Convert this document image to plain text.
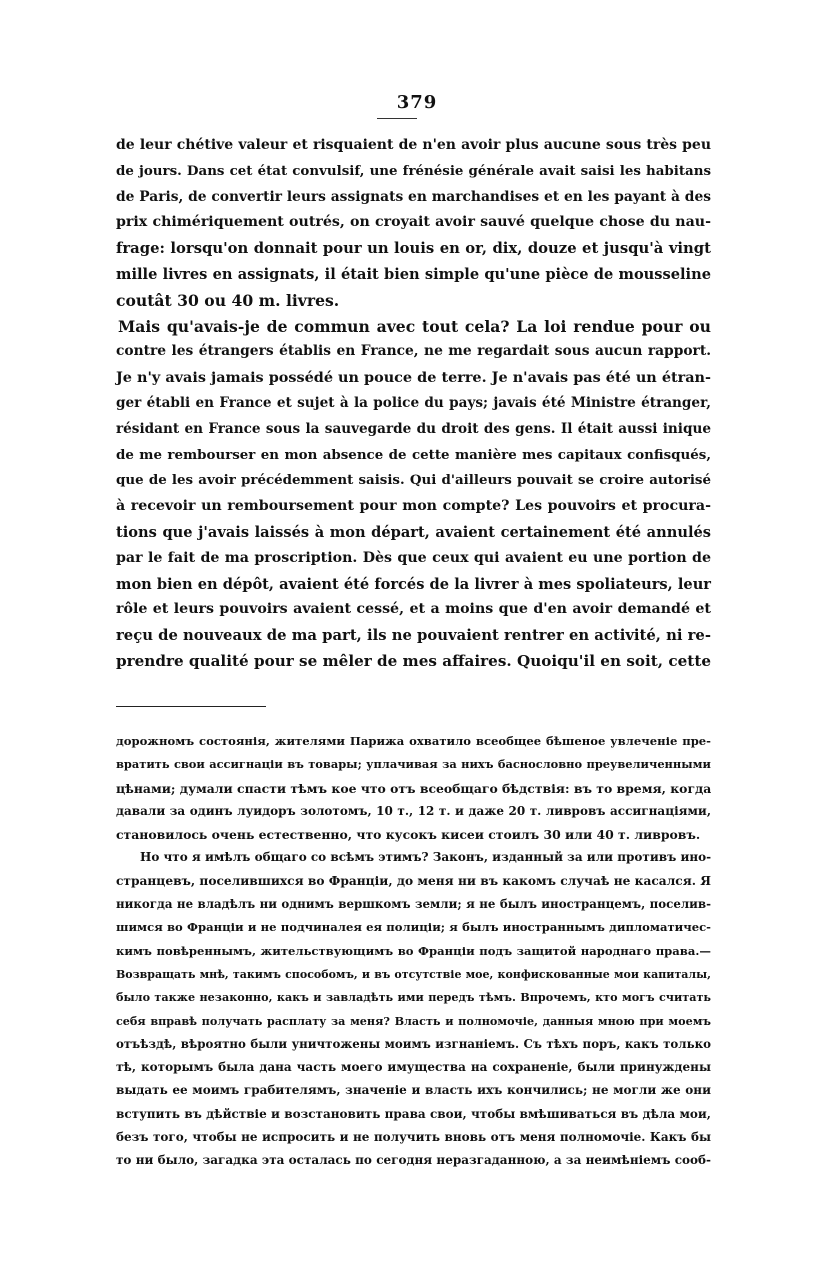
379
de leur chétive valeur et risquaient de n'en avoir plus aucune sous très peu
de jours. Dans cet état convulsif, une frénésie générale avait saisi les habitans
de Paris, de convertir leurs assignats en marchandises et en les payant à des
prix chimériquement outrés, on croyait avoir sauvé quelque chose du nau-
frage: lorsqu'on donnait pour un louis en or, dix, douze et jusqu'à vingt
mille livres en assignats, il était bien simple qu'une pièce de mousseline
coutât 30 ou 40 m. livres.
Mais qu'avais-je de commun avec tout cela? La loi rendue pour ou
contre les étrangers établis en France, ne me regardait sous aucun rapport.
Je n'y avais jamais possédé un pouce de terre. Je n'avais pas été un étran-
ger établi en France et sujet à la police du pays; javais été Ministre étranger,
résidant en France sous la sauvegarde du droit des gens. Il était aussi inique
de me rembourser en mon absence de cette manière mes capitaux confisqués,
que de les avoir précédemment saisis. Qui d'ailleurs pouvait se croire autorisé
à recevoir un remboursement pour mon compte? Les pouvoirs et procura-
tions que j'avais laissés à mon départ, avaient certainement été annulés
par le fait de ma proscription. Dès que ceux qui avaient eu une portion de
mon bien en dépôt, avaient été forcés de la livrer à mes spoliateurs, leur
rôle et leurs pouvoirs avaient cessé, et a moins que d'en avoir demandé et
reçu de nouveaux de ma part, ils ne pouvaient rentrer en activité, ni re-
prendre qualité pour se mêler de mes affaires. Quoiqu'il en soit, cette
дорожномъ состоянія, жителями Парижа охватило всеобщее бѣшеное увлеченіе пре-
вратить свои ассигнаціи въ товары; уплачивая за нихъ баснословно преувеличенными
цѣнами; думали спасти тѣмъ кое что отъ всеобщаго бѣдствія: въ то время, когда
давали за одинъ луидоръ золотомъ, 10 т., 12 т. и даже 20 т. ливровъ ассигнаціями,
становилось очень естественно, что кусокъ кисеи стоилъ 30 или 40 т. ливровъ.
Но что я имѣлъ общаго со всѣмъ этимъ? Законъ, изданный за или противъ ино-
странцевъ, поселившихся во Франціи, до меня ни въ какомъ случаѣ не касался. Я
никогда не владѣлъ ни однимъ вершкомъ земли; я не былъ иностранцемъ, поселив-
шимся во Франціи и не подчиналея ея полиціи; я былъ иностраннымъ дипломатичес-
кимъ повѣреннымъ, жительствующимъ во Франціи подъ защитой народнаго права.—
Возвращать мнѣ, такимъ способомъ, и въ отсутствіе мое, конфискованные мои капиталы,
было также незаконно, какъ и завладѣть ими передъ тѣмъ. Впрочемъ, кто могъ считать
себя вправѣ получать расплату за меня? Власть и полномочіе, данныя мною при моемъ
отъѣздѣ, вѣроятно были уничтожены моимъ изгнаніемъ. Съ тѣхъ поръ, какъ только
тѣ, которымъ была дана часть моего имущества на сохраненіе, были принуждены
выдать ее моимъ грабителямъ, значеніе и власть ихъ кончились; не могли же они
вступить въ дѣйствіе и возстановить права свои, чтобы вмѣшиваться въ дѣла мои,
безъ того, чтобы не испросить и не получить вновь отъ меня полномочіе. Какъ бы
то ни было, загадка эта осталась по сегодня неразгаданною, а за неимѣніемъ сооб-
